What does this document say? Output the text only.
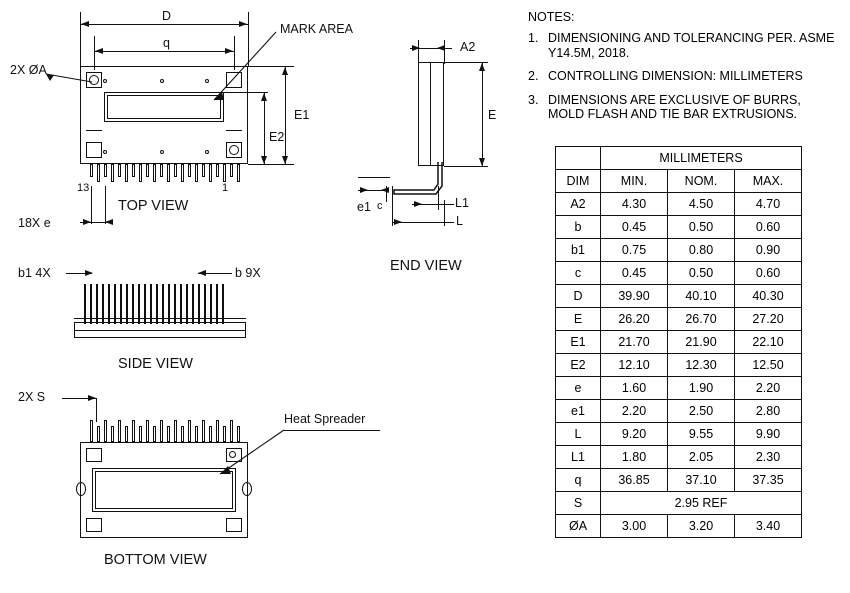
D
q
2X ØA
MARK AREA
E1
E2
13	1
TOP VIEW
18X e
A2
E
e1 c	L1
L
END VIEW
b1 4X	b 9X
SIDE VIEW
2X S
Heat Spreader
BOTTOM VIEW
NOTES:
1. DIMENSIONING AND TOLERANCING PER. ASME Y14.5M, 2018.
2. CONTROLLING DIMENSION: MILLIMETERS
3. DIMENSIONS ARE EXCLUSIVE OF BURRS, MOLD FLASH AND TIE BAR EXTRUSIONS.
	MILLIMETERS		
DIM	MIN.	NOM.	MAX.
A2	4.30	4.50	4.70
b	0.45	0.50	0.60
b1	0.75	0.80	0.90
c	0.45	0.50	0.60
D	39.90	40.10	40.30
E	26.20	26.70	27.20
E1	21.70	21.90	22.10
E2	12.10	12.30	12.50
e	1.60	1.90	2.20
e1	2.20	2.50	2.80
L	9.20	9.55	9.90
L1	1.80	2.05	2.30
q	36.85	37.10	37.35
S	2.95 REF		
ØA	3.00	3.20	3.40
